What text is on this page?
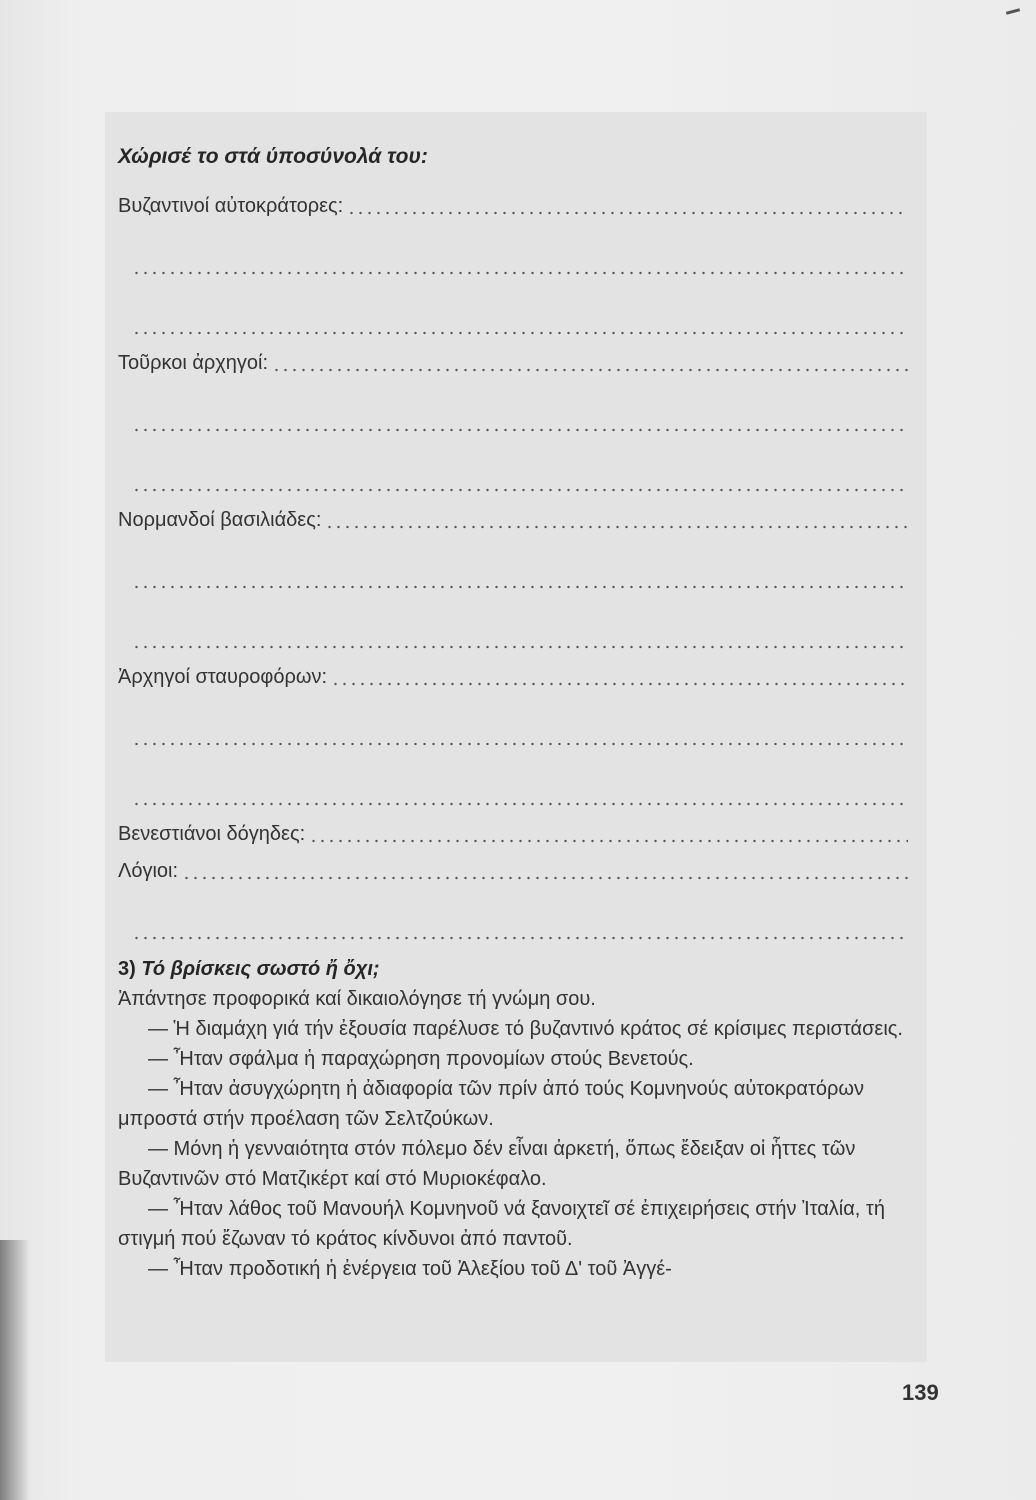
Χώρισέ το στά ύποσύνολά του:
Βυζαντινοί αὐτοκράτορες:
Τοῦρκοι ἀρχηγοί:
Νορμανδοί βασιλιάδες:
Ἀρχηγοί σταυροφόρων:
Βενεστιάνοι δόγηδες:
Λόγιοι:
3) Τό βρίσκεις σωστό ἤ ὄχι;
Ἀπάντησε προφορικά καί δικαιολόγησε τή γνώμη σου.
— Ἡ διαμάχη γιά τήν ἐξουσία παρέλυσε τό βυζαντινό κράτος σέ κρίσιμες περιστάσεις.
— Ἦταν σφάλμα ἡ παραχώρηση προνομίων στούς Βενετούς.
— Ἦταν ἀσυγχώρητη ἡ ἀδιαφορία τῶν πρίν ἀπό τούς Κομνηνούς αὐτοκρατόρων μπροστά στήν προέλαση τῶν Σελτζούκων.
— Μόνη ἡ γενναιότητα στόν πόλεμο δέν εἶναι ἀρκετή, ὅπως ἔδειξαν οἱ ἧττες τῶν Βυζαντινῶν στό Ματζικέρτ καί στό Μυριοκέφαλο.
— Ἦταν λάθος τοῦ Μανουήλ Κομνηνοῦ νά ξανοιχτεῖ σέ ἐπιχειρήσεις στήν Ἰταλία, τή στιγμή πού ἔζωναν τό κράτος κίνδυνοι ἀπό παντοῦ.
— Ἦταν προδοτική ἡ ἐνέργεια τοῦ Ἀλεξίου τοῦ Δ' τοῦ Ἀγγέ-
139
